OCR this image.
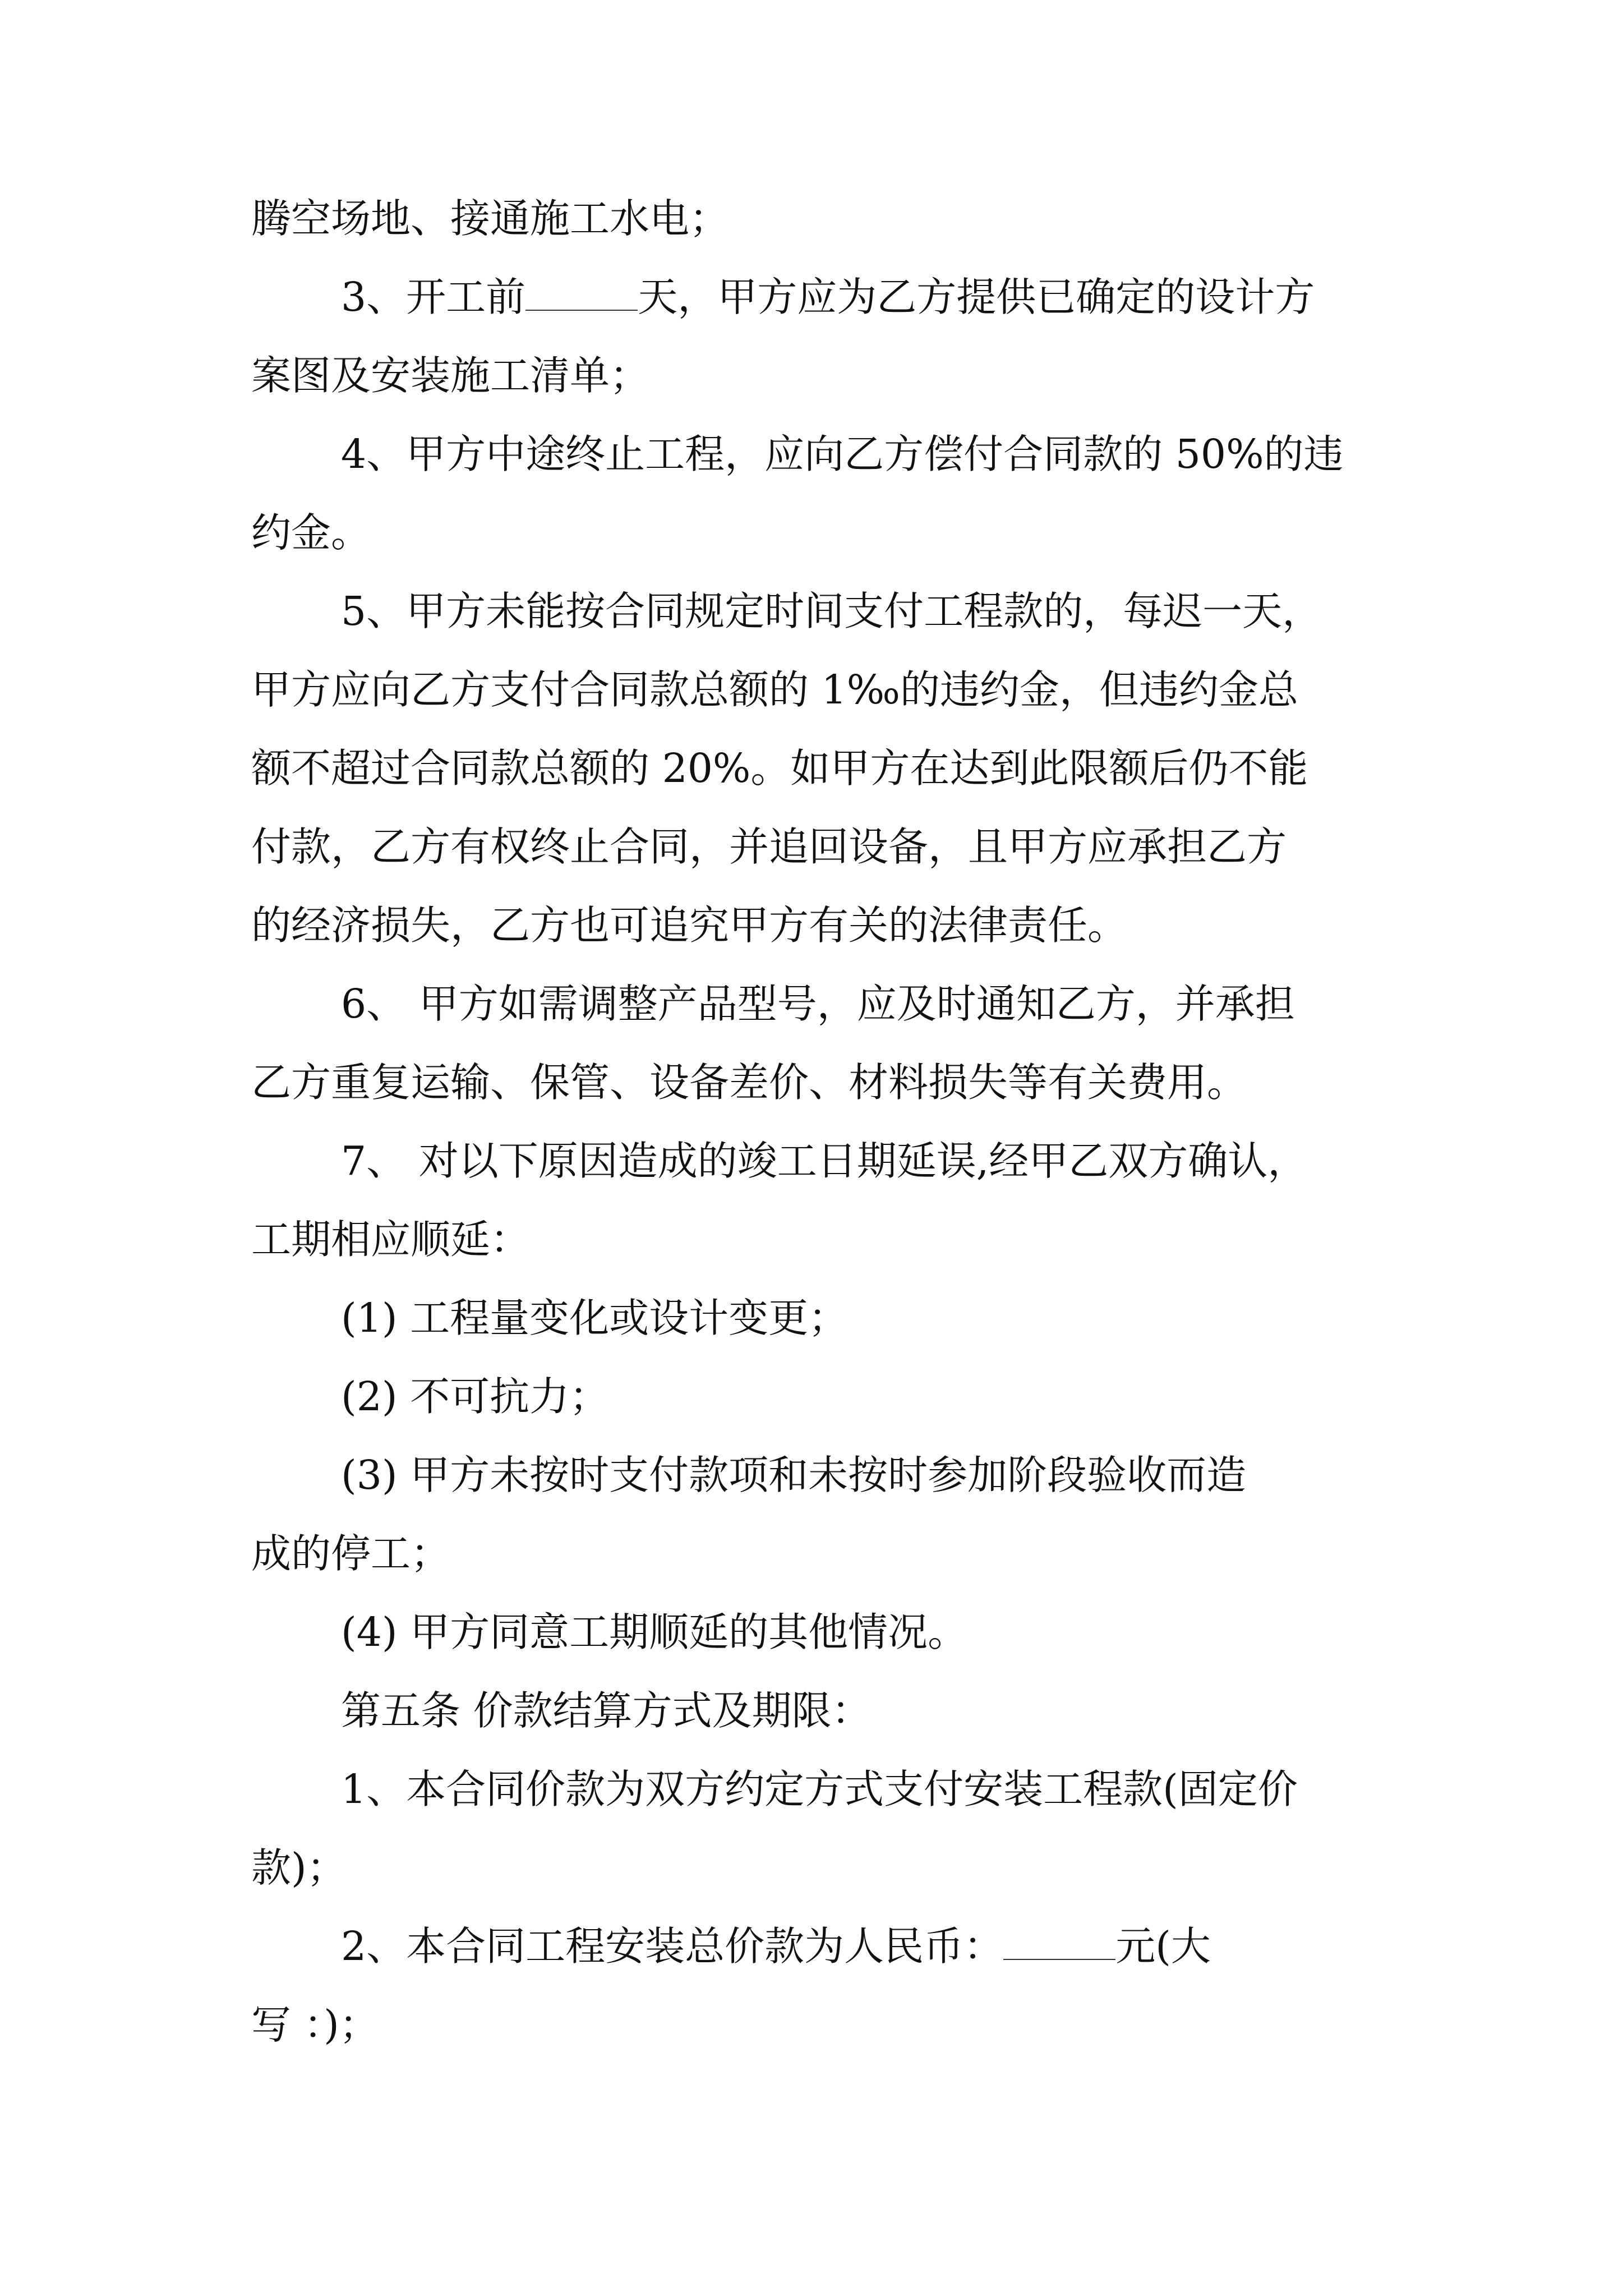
腾空场地、接通施工水电；
3、开工前	天，甲方应为乙方提供已确定的设计方
案图及安装施工清单；
4、甲方中途终止工程，应向乙方偿付合同款的 50%的违
约金。
5、甲方未能按合同规定时间支付工程款的，每迟一天，
甲方应向乙方支付合同款总额的 1‰的违约金，但违约金总
额不超过合同款总额的 20%。如甲方在达到此限额后仍不能
付款，乙方有权终止合同，并追回设备，且甲方应承担乙方
的经济损失，乙方也可追究甲方有关的法律责任。
6、 甲方如需调整产品型号，应及时通知乙方，并承担
乙方重复运输、保管、设备差价、材料损失等有关费用。
7、 对以下原因造成的竣工日期延误,经甲乙双方确认，
工期相应顺延：
(1) 工程量变化或设计变更；
(2) 不可抗力；
(3) 甲方未按时支付款项和未按时参加阶段验收而造
成的停工；
(4) 甲方同意工期顺延的其他情况。
第五条 价款结算方式及期限：
1、本合同价款为双方约定方式支付安装工程款(固定价
款)；
2、本合同工程安装总价款为人民币：	元(大
写 ：)；
